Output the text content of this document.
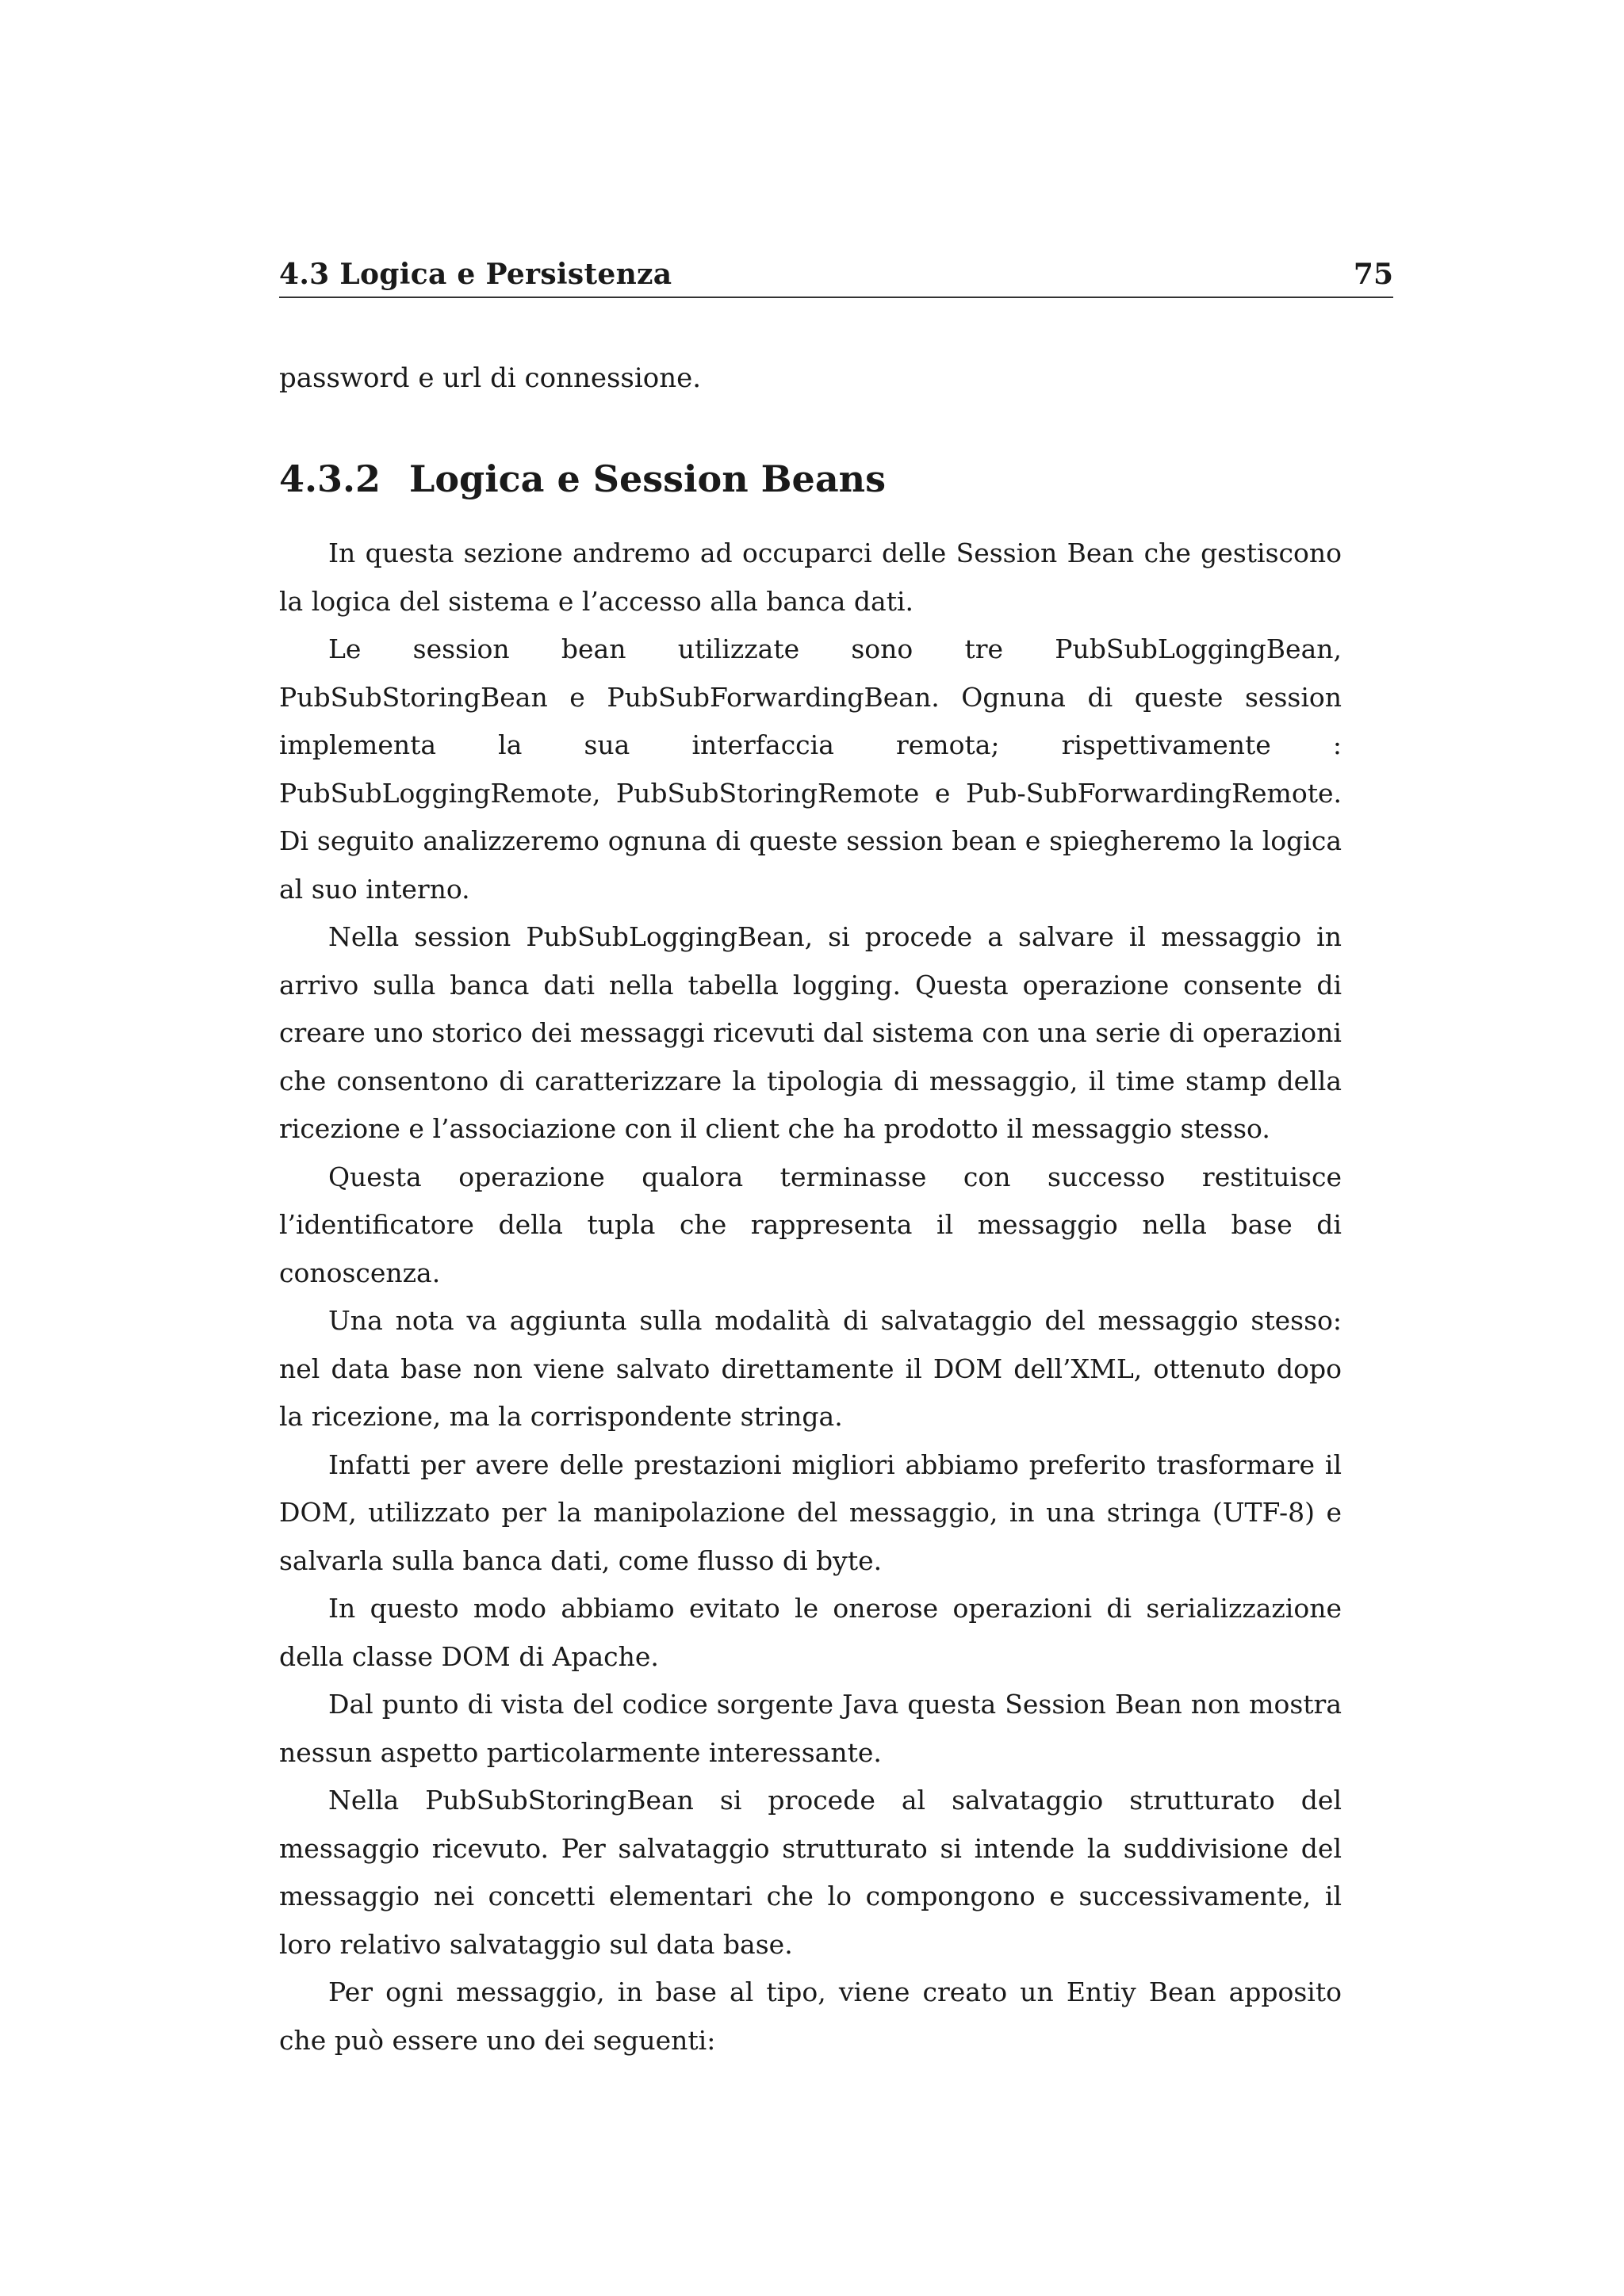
4.3 Logica e Persistenza	75

password e url di connessione.

4.3.2 Logica e Session Beans

In questa sezione andremo ad occuparci delle Session Bean che gestiscono la logica del sistema e l’accesso alla banca dati.

Le session bean utilizzate sono tre PubSubLoggingBean, PubSubStoringBean e PubSubForwardingBean. Ognuna di queste session implementa la sua interfaccia remota; rispettivamente : PubSubLoggingRemote, PubSubStoringRemote e Pub-SubForwardingRemote. Di seguito analizzeremo ognuna di queste session bean e spiegheremo la logica al suo interno.

Nella session PubSubLoggingBean, si procede a salvare il messaggio in arrivo sulla banca dati nella tabella logging. Questa operazione consente di creare uno storico dei messaggi ricevuti dal sistema con una serie di operazioni che consentono di caratterizzare la tipologia di messaggio, il time stamp della ricezione e l’associazione con il client che ha prodotto il messaggio stesso.

Questa operazione qualora terminasse con successo restituisce l’identificatore della tupla che rappresenta il messaggio nella base di conoscenza.

Una nota va aggiunta sulla modalità di salvataggio del messaggio stesso: nel data base non viene salvato direttamente il DOM dell’XML, ottenuto dopo la ricezione, ma la corrispondente stringa.

Infatti per avere delle prestazioni migliori abbiamo preferito trasformare il DOM, utilizzato per la manipolazione del messaggio, in una stringa (UTF-8) e salvarla sulla banca dati, come flusso di byte.

In questo modo abbiamo evitato le onerose operazioni di serializzazione della classe DOM di Apache.

Dal punto di vista del codice sorgente Java questa Session Bean non mostra nessun aspetto particolarmente interessante.

Nella PubSubStoringBean si procede al salvataggio strutturato del messaggio ricevuto. Per salvataggio strutturato si intende la suddivisione del messaggio nei concetti elementari che lo compongono e successivamente, il loro relativo salvataggio sul data base.

Per ogni messaggio, in base al tipo, viene creato un Entiy Bean apposito che può essere uno dei seguenti:
